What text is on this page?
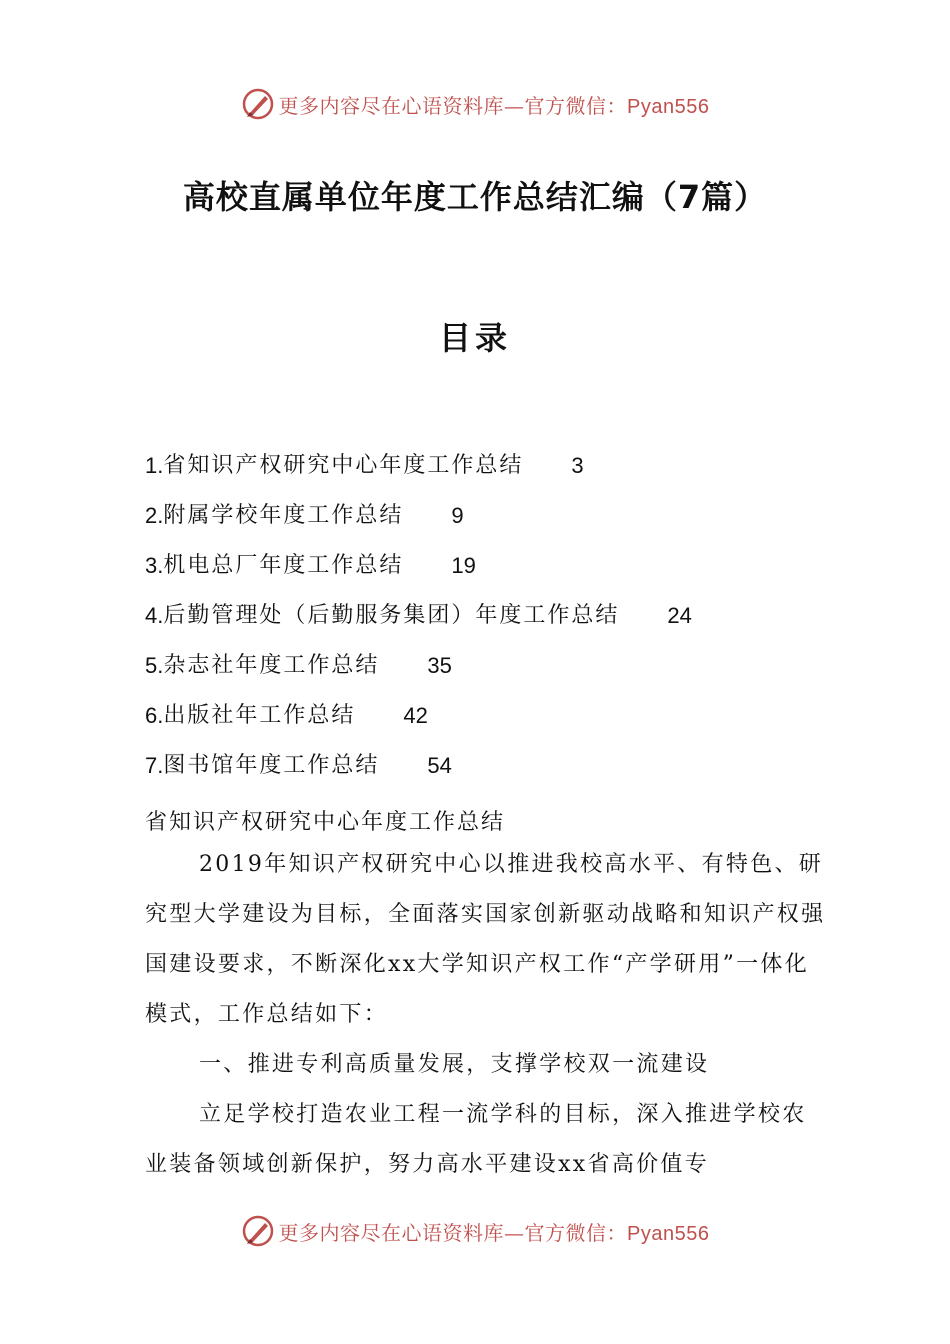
更多内容尽在心语资料库—官方微信：Pyan556
高校直属单位年度工作总结汇编（7篇）
目录
1. 省知识产权研究中心年度工作总结 3
2. 附属学校年度工作总结 9
3. 机电总厂年度工作总结 19
4. 后勤管理处（后勤服务集团）年度工作总结 24
5. 杂志社年度工作总结 35
6. 出版社年工作总结 42
7. 图书馆年度工作总结 54
省知识产权研究中心年度工作总结
2019年知识产权研究中心以推进我校高水平、有特色、研究型大学建设为目标，全面落实国家创新驱动战略和知识产权强国建设要求，不断深化xx大学知识产权工作“产学研用”一体化模式，工作总结如下：
一、推进专利高质量发展，支撑学校双一流建设
立足学校打造农业工程一流学科的目标，深入推进学校农业装备领域创新保护，努力高水平建设xx省高价值专
更多内容尽在心语资料库—官方微信：Pyan556
